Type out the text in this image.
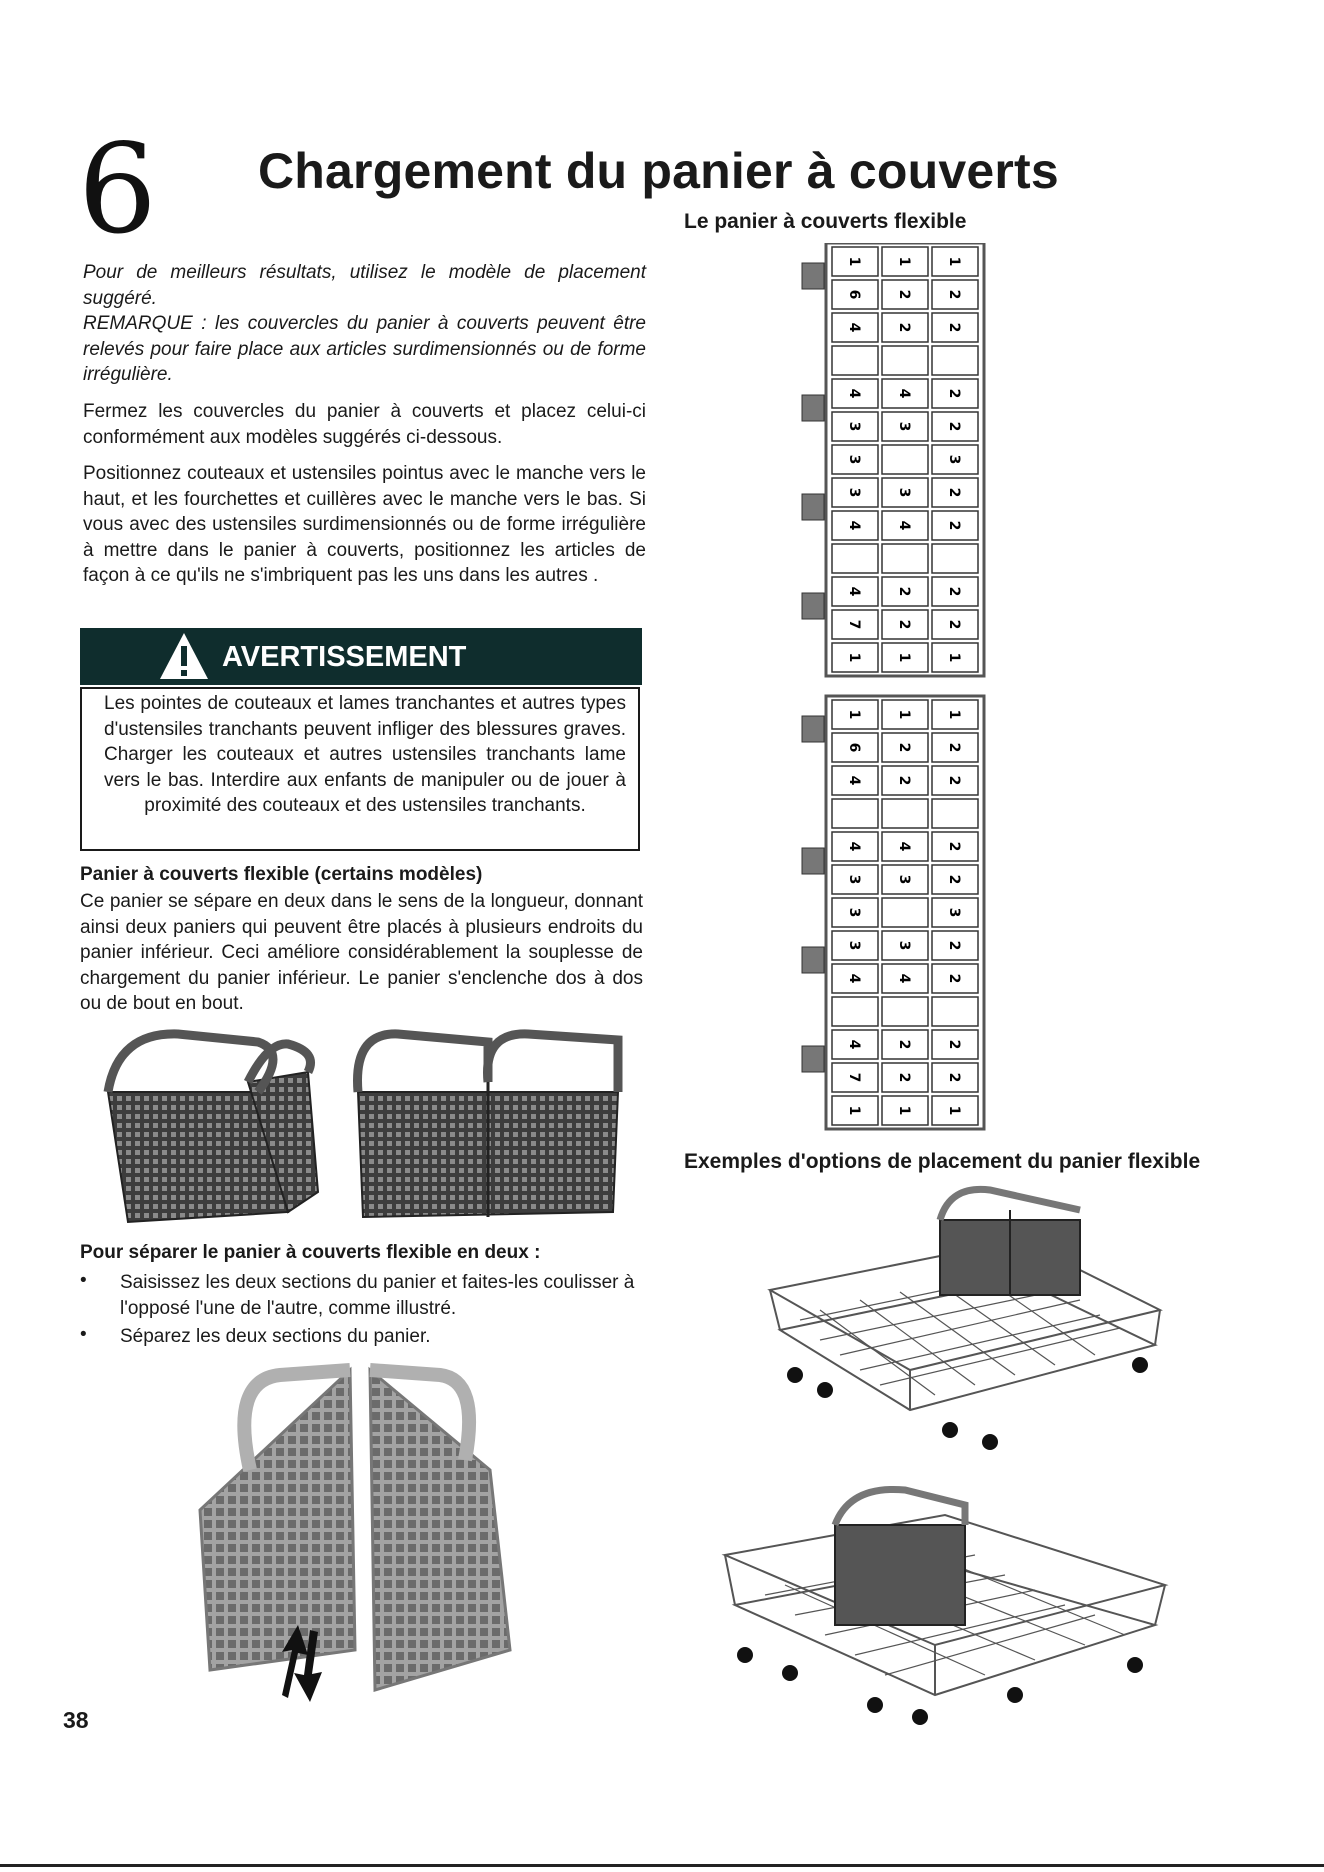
6 Chargement du panier à couverts

Pour de meilleurs résultats, utilisez le modèle de placement suggéré.

REMARQUE : les couvercles du panier à couverts peuvent être relevés pour faire place aux articles surdimensionnés ou de forme irrégulière.

Fermez les couvercles du panier à couverts et placez celui-ci conformément aux modèles suggérés ci-dessous.
Positionnez couteaux et ustensiles pointus avec le manche vers le haut, et les fourchettes et cuillères avec le manche vers le bas. Si vous avec des ustensiles surdimensionnés ou de forme irrégulière à mettre dans le panier à couverts, positionnez les articles de façon à ce qu'ils ne s'imbriquent pas les uns dans les autres .
AVERTISSEMENT
Les pointes de couteaux et lames tranchantes et autres types d'ustensiles tranchants peuvent infliger des blessures graves. Charger les couteaux et autres ustensiles tranchants lame vers le bas. Interdire aux enfants de manipuler ou de jouer à proximité des couteaux et des ustensiles tranchants.
Panier à couverts flexible (certains modèles)
Ce panier se sépare en deux dans le sens de la longueur, donnant ainsi deux paniers qui peuvent être placés à plusieurs endroits du panier inférieur. Ceci améliore considérablement la souplesse de chargement du panier inférieur. Le panier s'enclenche dos à dos ou de bout en bout.
Pour séparer le panier à couverts flexible en deux :
• Saisissez les deux sections du panier et faites-les coulisser à l'opposé l'une de l'autre, comme illustré.
• Séparez les deux sections du panier.
38
Le panier à couverts flexible
1 1 1
6 2 2
4 2 2
4 4 2
3 3 2
3	3
3 3 2
4 4 2
4 2 2
7 2 2
1 1 1
1 1 1
6 2 2
4 2 2
4 4 2
3 3 2
3	3
3 3 2
4 4 2
4 2 2
7 2 2
1 1 1
Exemples d'options de placement du panier flexible
